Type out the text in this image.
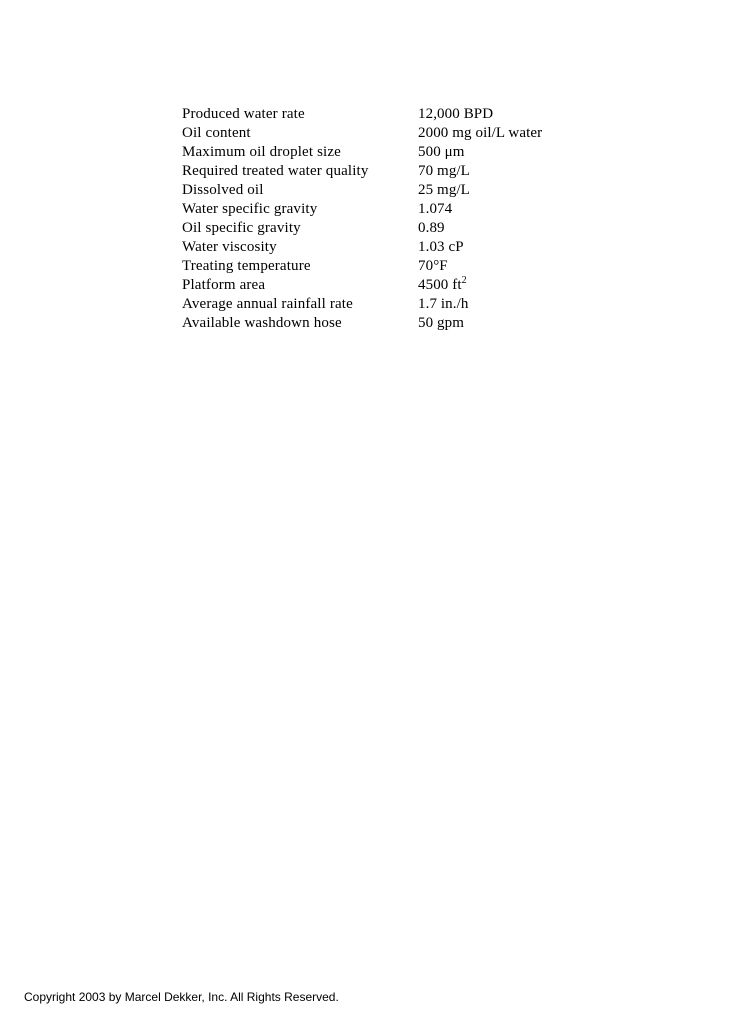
Produced water rate	12,000 BPD
Oil content	2000 mg oil/L water
Maximum oil droplet size	500 μm
Required treated water quality	70 mg/L
Dissolved oil	25 mg/L
Water specific gravity	1.074
Oil specific gravity	0.89
Water viscosity	1.03 cP
Treating temperature	70°F
Platform area	4500 $ft^2$
Average annual rainfall rate	1.7 in./h
Available washdown hose	50 gpm
Copyright 2003 by Marcel Dekker, Inc. All Rights Reserved.
